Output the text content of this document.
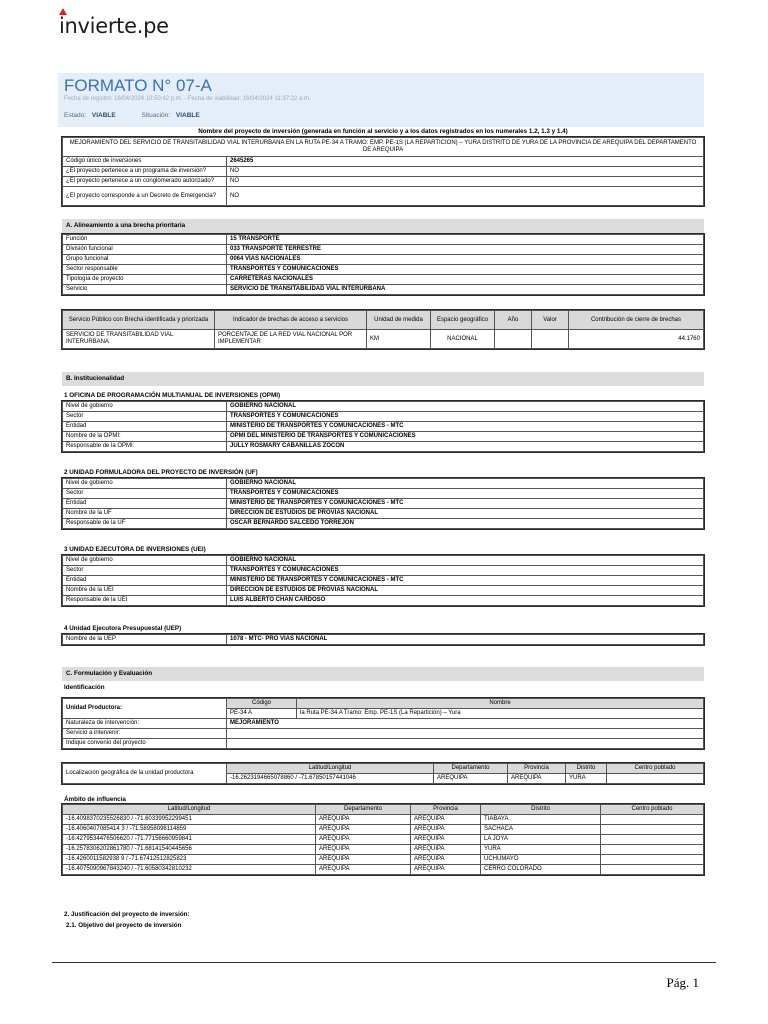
invierte.pe
FORMATO N° 07-A
Fecha de registro: 16/04/2024 10:50:42 p.m. - Fecha de viabilidad: 16/04/2024 11:37:22 a.m.
Estado: VIABLE	Situación: VIABLE
Nombre del proyecto de inversión (generada en función al servicio y a los datos registrados en los numerales 1.2, 1.3 y 1.4)
MEJORAMIENTO DEL SERVICIO DE TRANSITABILIDAD VIAL INTERURBANA EN LA RUTA PE-34 A TRAMO: EMP. PE-1S (LA REPARTICION) – YURA DISTRITO DE YURA DE LA PROVINCIA DE AREQUIPA DEL DEPARTAMENTO DE AREQUIPA	
Código único de inversiones	2645265
¿El proyecto pertenece a un programa de inversión?	NO
¿El proyecto pertenece a un conglomerado autorizado?	NO
¿El proyecto corresponde a un Decreto de Emergencia?	NO
A. Alineamiento a una brecha prioritaria
Función	15 TRANSPORTE
División funcional	033 TRANSPORTE TERRESTRE
Grupo funcional	0064 VÍAS NACIONALES
Sector responsable	TRANSPORTES Y COMUNICACIONES
Tipología de proyecto	CARRETERAS NACIONALES
Servicio	SERVICIO DE TRANSITABILIDAD VIAL INTERURBANA
Servicio Público con Brecha identificada y priorizada	Indicador de brechas de acceso a servicios	Unidad de medida	Espacio geográfico	Año	Valor	Contribución de cierre de brechas
SERVICIO DE TRANSITABILIDAD VIAL INTERURBANA	PORCENTAJE DE LA RED VIAL NACIONAL POR IMPLEMENTAR	KM	NACIONAL			44.1760
B. Institucionalidad
1 OFICINA DE PROGRAMACIÓN MULTIANUAL DE INVERSIONES (OPMI)
Nivel de gobierno	GOBIERNO NACIONAL
Sector	TRANSPORTES Y COMUNICACIONES
Entidad	MINISTERIO DE TRANSPORTES Y COMUNICACIONES - MTC
Nombre de la OPMI:	OPMI DEL MINISTERIO DE TRANSPORTES Y COMUNICACIONES
Responsable de la OPMI:	JULLY ROSMARY CABANILLAS ZOCON
2 UNIDAD FORMULADORA DEL PROYECTO DE INVERSIÓN (UF)
Nivel de gobierno	GOBIERNO NACIONAL
Sector	TRANSPORTES Y COMUNICACIONES
Entidad	MINISTERIO DE TRANSPORTES Y COMUNICACIONES - MTC
Nombre de la UF	DIRECCIÓN DE ESTUDIOS DE PROVÍAS NACIONAL
Responsable de la UF	OSCAR BERNARDO SALCEDO TORREJON
3 UNIDAD EJECUTORA DE INVERSIONES (UEI)
Nivel de gobierno	GOBIERNO NACIONAL
Sector	TRANSPORTES Y COMUNICACIONES
Entidad	MINISTERIO DE TRANSPORTES Y COMUNICACIONES - MTC
Nombre de la UEI	DIRECCIÓN DE ESTUDIOS DE PROVIAS NACIONAL
Responsable de la UEI	LUIS ALBERTO CHAN CARDOSO
4 Unidad Ejecutora Presupuestal (UEP)
Nombre de la UEP	1078 - MTC- PRO VIAS NACIONAL
C. Formulación y Evaluación
Identificación
Unidad Productora:	Código	Nombre
	PE-34 A	la Ruta PE-34 A Tramo: Emp. PE-1S (La Repartición) – Yura
Naturaleza de intervención:	MEJORAMIENTO	
Servicio a intervenir:		
Indique convenio del proyecto		
Localización geográfica de la unidad productora	Latitud/Longitud	Departamento	Provincia	Distrito	Centro poblado
	-16.2623194665078860 / -71.67850157441046	AREQUIPA	AREQUIPA	YURA	
Ámbito de influencia
Latitud/Longitud	Departamento	Provincia	Distrito	Centro poblado
-16.4098370235526830 / -71.60339952299451	AREQUIPA	AREQUIPA	TIABAYA	
-16.4060407085414 3 / -71.58958098114859	AREQUIPA	AREQUIPA	SACHACA	
-16.4279534476506620 / -71.77156660959841	AREQUIPA	AREQUIPA	LA JOYA	
-16.2578306202861780 / -71.68141540445656	AREQUIPA	AREQUIPA	YURA	
-16.4260011582938 9 / -71.67412512825823	AREQUIPA	AREQUIPA	UCHUMAYO	
-16.4075090967843240 / -71.60580342810232	AREQUIPA	AREQUIPA	CERRO COLORADO	
2. Justificación del proyecto de inversión:
2.1. Objetivo del proyecto de inversión
Pág. 1
